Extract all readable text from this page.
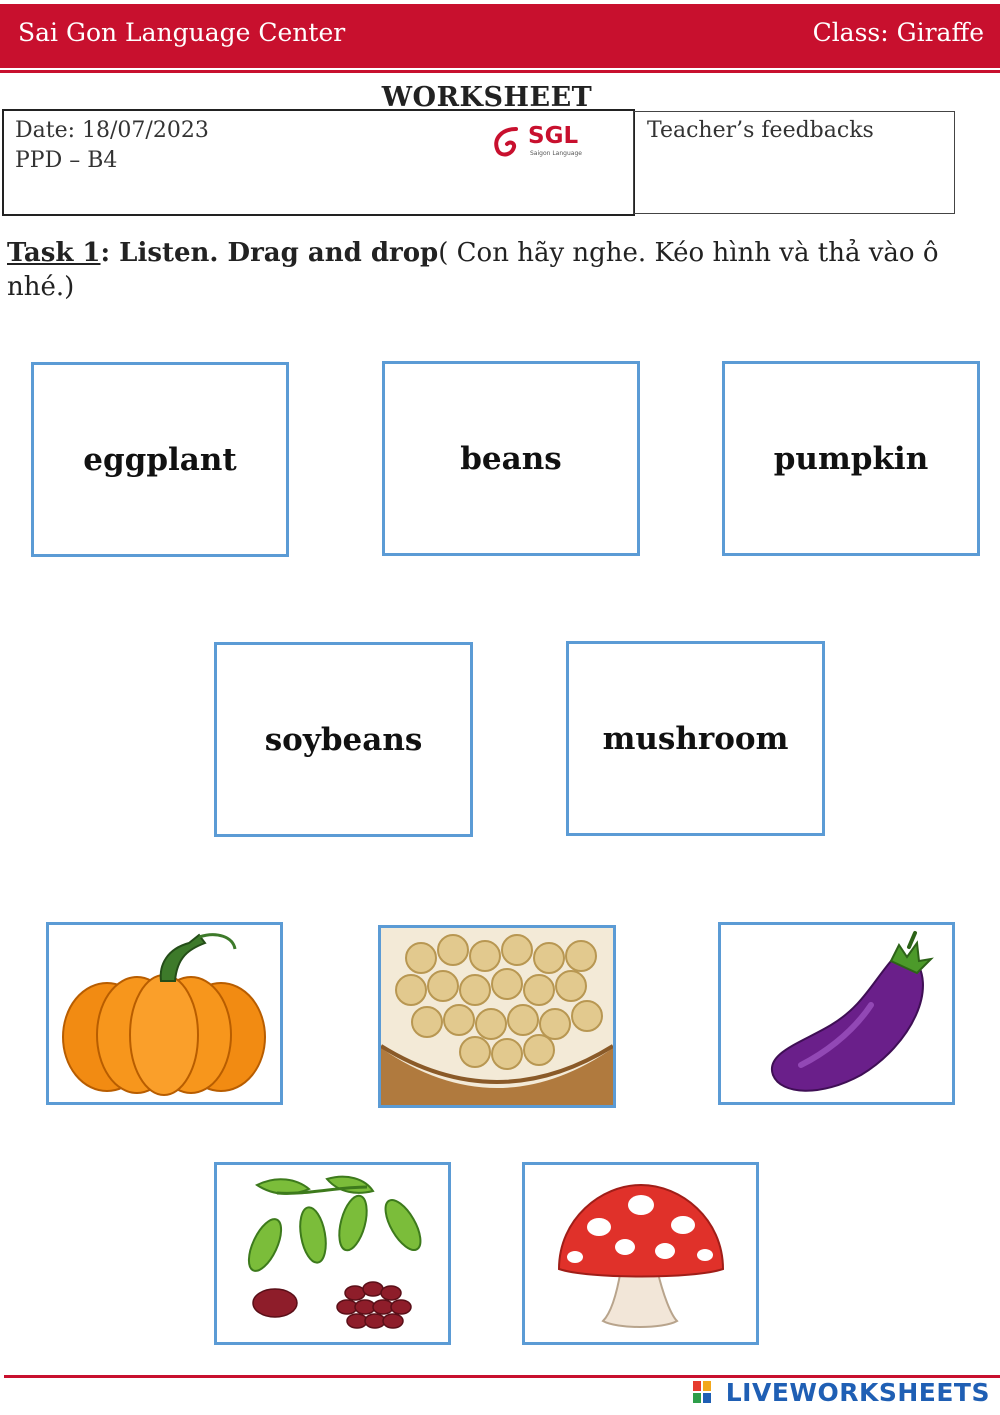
Sai Gon Language Center	Class: Giraffe
WORKSHEET
Date: 18/07/2023
PPD – B4
SGL
Saigon Language
Teacher’s feedbacks
Task 1: Listen. Drag and drop( Con hãy nghe. Kéo hình và thả vào ô nhé.)
eggplant	beans	pumpkin
soybeans	mushroom
LIVEWORKSHEETS
